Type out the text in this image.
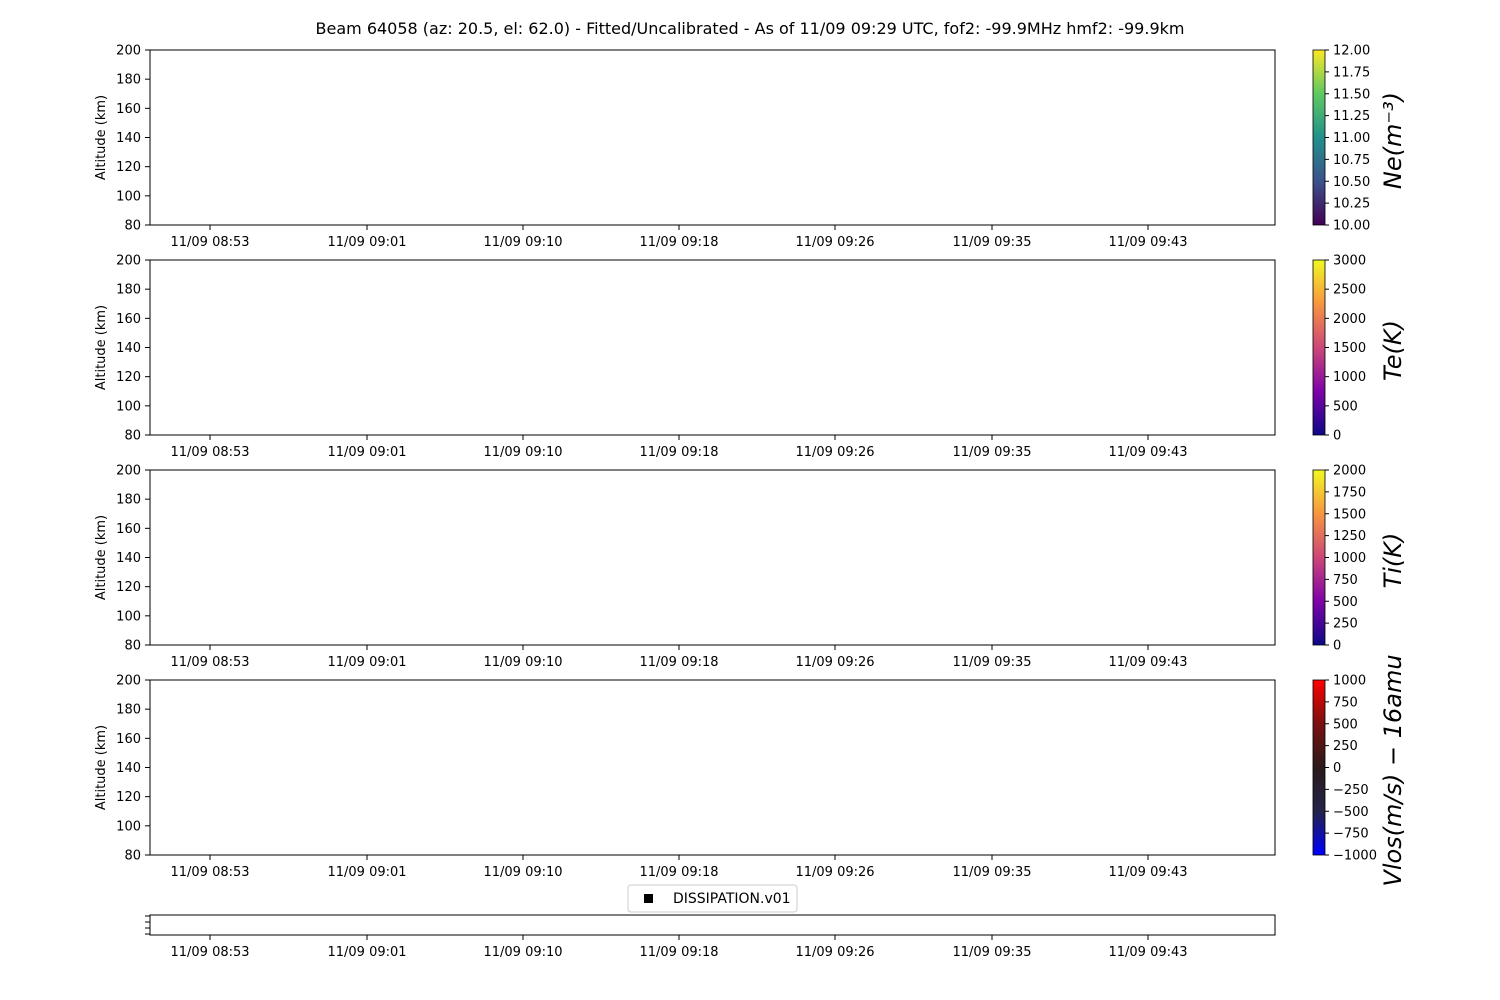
Beam 64058 (az: 20.5, el: 62.0) - Fitted/Uncalibrated - As of 11/09 09:29 UTC, fof2: -99.9MHz hmf2: -99.9km
200
180
160
140
120
100
80
Altitude (km)
11/09 08:53	11/09 09:01	11/09 09:10	11/09 09:18	11/09 09:26	11/09 09:35	11/09 09:43
12.00
11.75
11.50
11.25
11.00
10.75
10.50
10.25
10.00
Ne(m⁻³)
200
180
160
140
120
100
80
Altitude (km)
11/09 08:53	11/09 09:01	11/09 09:10	11/09 09:18	11/09 09:26	11/09 09:35	11/09 09:43
3000
2500
2000
1500
1000
500
0
Te(K)
200
180
160
140
120
100
80
Altitude (km)
11/09 08:53	11/09 09:01	11/09 09:10	11/09 09:18	11/09 09:26	11/09 09:35	11/09 09:43
2000
1750
1500
1250
1000
750
500
250
0
Ti(K)
200
180
160
140
120
100
80
Altitude (km)
11/09 08:53	11/09 09:01	11/09 09:10	11/09 09:18	11/09 09:26	11/09 09:35	11/09 09:43
1000
750
500
250
0
−250
−500
−750
−1000 Vlos(m/s) − 16amu
11/09 08:53	11/09 09:01	11/09 09:10	11/09 09:18	11/09 09:26	11/09 09:35	11/09 09:43
DISSIPATION.v01
